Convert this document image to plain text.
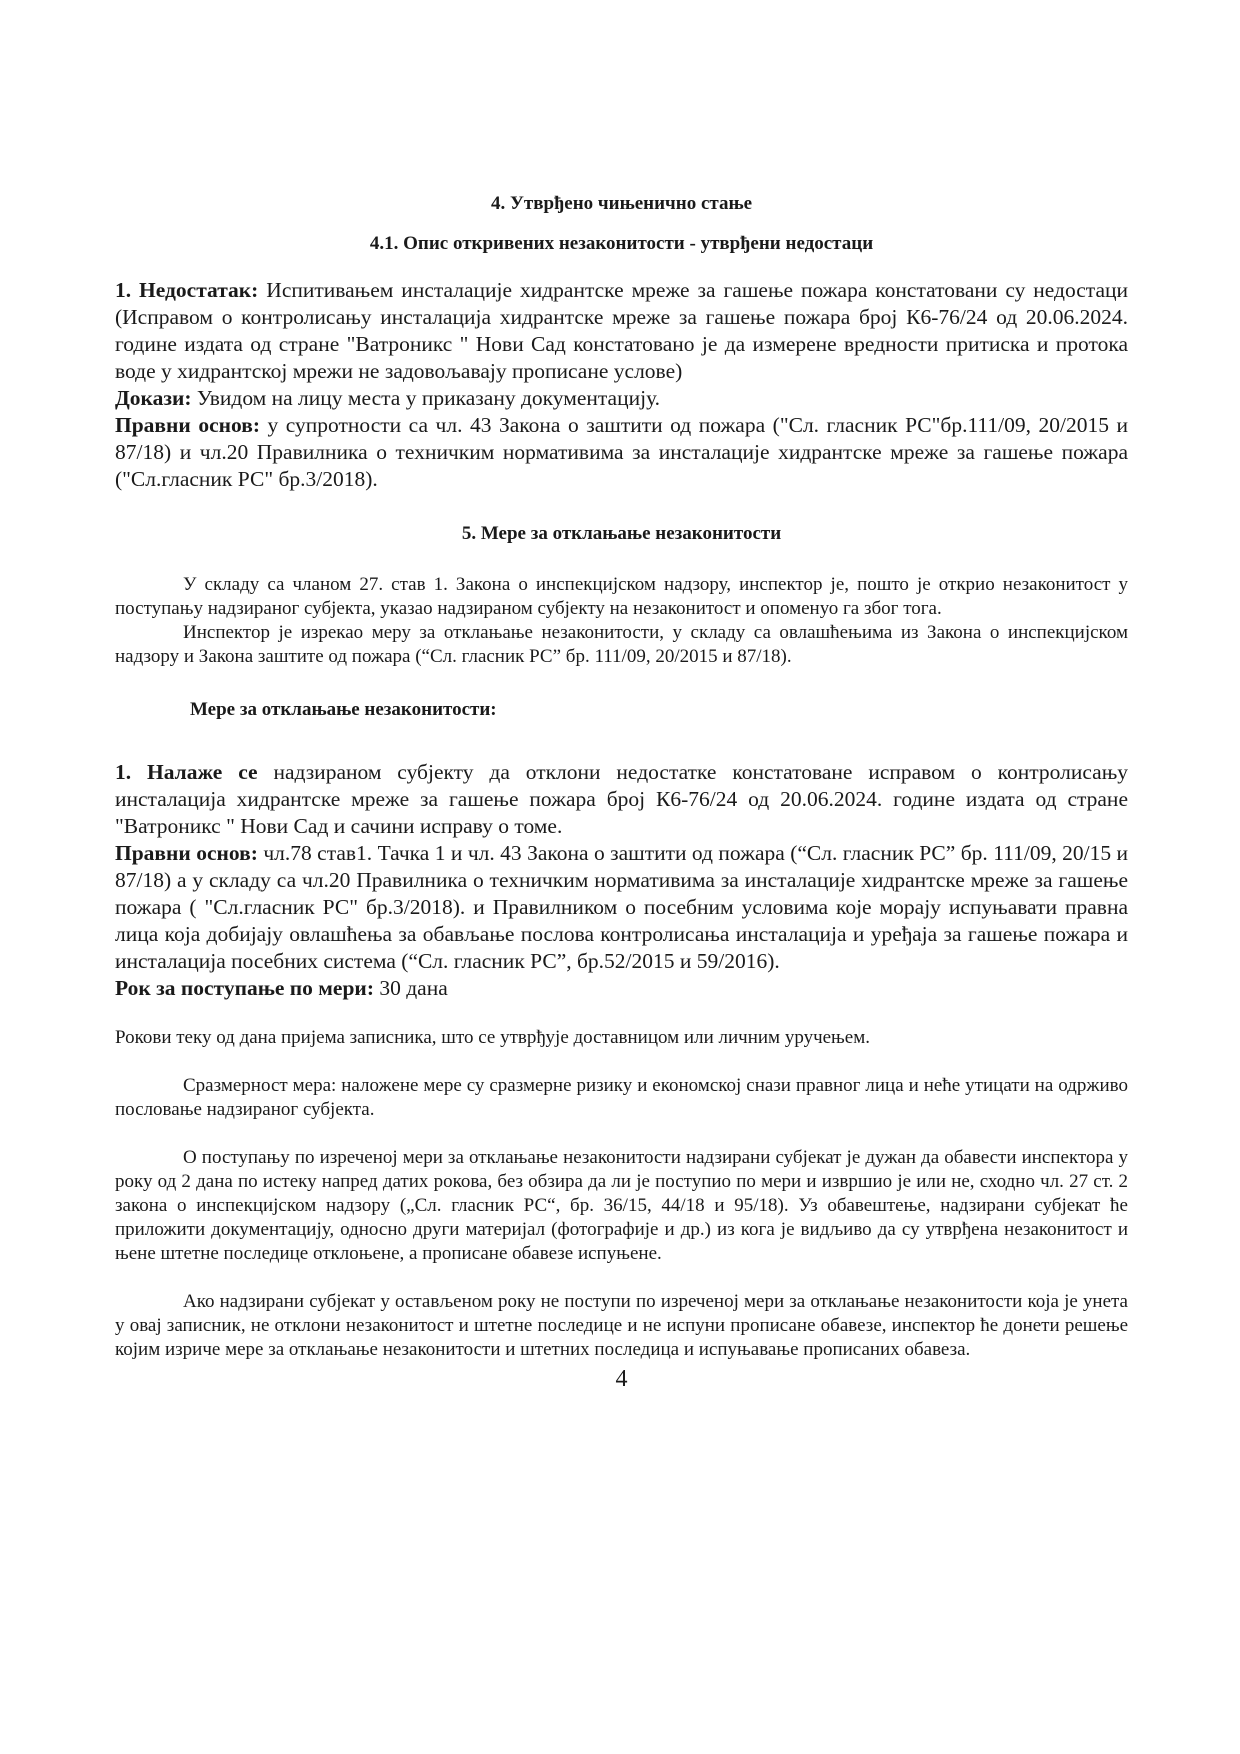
4. Утврђено чињенично стање

4.1. Опис откривених незаконитости - утврђени недостаци

1. Недостатак: Испитивањем инсталације хидрантске мреже за гашење пожара констатовани су недостаци (Исправом о контролисању инсталација хидрантске мреже за гашење пожара број К6-76/24 од 20.06.2024. године издата од стране "Ватроникс " Нови Сад констатовано је да измерене вредности притиска и протока воде у хидрантској мрежи не задовољавају прописане услове)

Докази: Увидом на лицу места у приказану документацију.

Правни основ: у супротности са чл. 43 Закона о заштити од пожара ("Сл. гласник РС"бр.111/09, 20/2015 и 87/18) и чл.20 Правилника о техничким нормативима за инсталације хидрантске мреже за гашење пожара ("Сл.гласник РС" бр.3/2018).

5. Мере за отклањање незаконитости

У складу са чланом 27. став 1. Закона о инспекцијском надзору, инспектор је, пошто је открио незаконитост у поступању надзираног субјекта, указао надзираном субјекту на незаконитост и опоменуо га због тога.

Инспектор је изрекао меру за отклањање незаконитости, у складу са овлашћењима из Закона о инспекцијском надзору и Закона заштите од пожара (“Сл. гласник РС” бр. 111/09, 20/2015 и 87/18).

Мере за отклањање незаконитости:

1. Налаже се надзираном субјекту да отклони недостатке констатоване исправом о контролисању инсталација хидрантске мреже за гашење пожара број К6-76/24 од 20.06.2024. године издата од стране "Ватроникс " Нови Сад и сачини исправу о томе.

Правни основ: чл.78 став1. Тачка 1 и чл. 43 Закона о заштити од пожара (“Сл. гласник РС” бр. 111/09, 20/15 и 87/18) а у складу са чл.20 Правилника о техничким нормативима за инсталације хидрантске мреже за гашење пожара ( "Сл.гласник РС" бр.3/2018). и Правилником о посебним условима које морају испуњавати правна лица која добијају овлашћења за обављање послова контролисања инсталација и уређаја за гашење пожара и инсталација посебних система (“Сл. гласник РС”, бр.52/2015 и 59/2016).

Рок за поступање по мери: 30 дана

Рокови теку од дана пријема записника, што се утврђује доставницом или личним уручењем.

Сразмерност мера: наложене мере су сразмерне ризику и економској снази правног лица и неће утицати на одрживо пословање надзираног субјекта.

О поступању по изреченој мери за отклањање незаконитости надзирани субјекат је дужан да обавести инспектора у року од 2 дана по истеку напред датих рокова, без обзира да ли је поступио по мери и извршио је или не, сходно чл. 27 ст. 2 закона о инспекцијском надзору („Сл. гласник РС“, бр. 36/15, 44/18 и 95/18). Уз обавештење, надзирани субјекат ће приложити документацију, односно други материјал (фотографије и др.) из кога је видљиво да су утврђена незаконитост и њене штетне последице отклоњене, а прописане обавезе испуњене.

Ако надзирани субјекат у остављеном року не поступи по изреченој мери за отклањање незаконитости која је унета у овај записник, не отклони незаконитост и штетне последице и не испуни прописане обавезе, инспектор ће донети решење којим изриче мере за отклањање незаконитости и штетних последица и испуњавање прописаних обавеза.

4
